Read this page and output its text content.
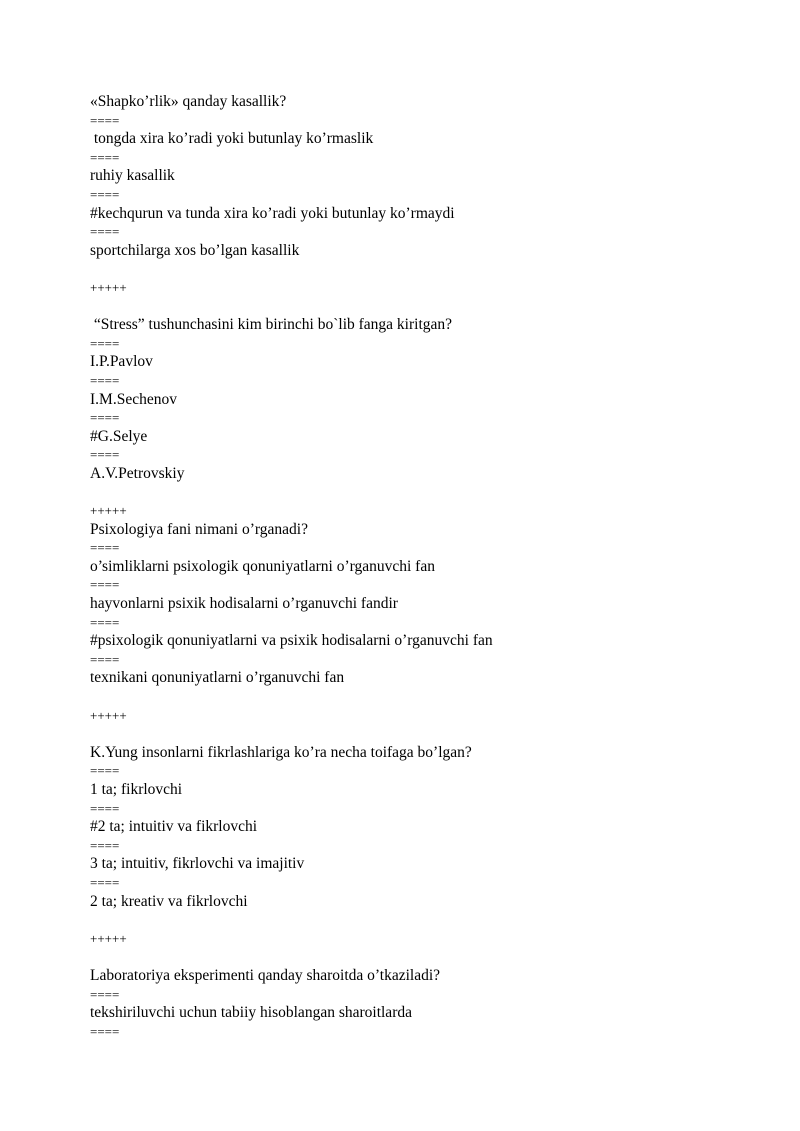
«Shapko’rlik» qanday kasallik?
====
tongda xira ko’radi yoki butunlay ko’rmaslik
====
ruhiy kasallik
====
#kechqurun va tunda xira ko’radi yoki butunlay ko’rmaydi
====
sportchilarga xos bo’lgan kasallik
+++++
“Stress” tushunchasini kim birinchi bo`lib fanga kiritgan?
====
I.P.Pavlov
====
I.M.Sechenov
====
#G.Selye
====
A.V.Petrovskiy
+++++
Psixologiya fani nimani o’rganadi?
====
o’simliklarni psixologik qonuniyatlarni o’rganuvchi fan
====
hayvonlarni psixik hodisalarni o’rganuvchi fandir
====
#psixologik qonuniyatlarni va psixik hodisalarni o’rganuvchi fan
====
texnikani qonuniyatlarni o’rganuvchi fan
+++++
K.Yung insonlarni fikrlashlariga ko’ra necha toifaga bo’lgan?
====
1 ta; fikrlovchi
====
#2 ta; intuitiv va fikrlovchi
====
3 ta; intuitiv, fikrlovchi va imajitiv
====
2 ta; kreativ va fikrlovchi
+++++
Laboratoriya eksperimenti qanday sharoitda o’tkaziladi?
====
tekshiriluvchi uchun tabiiy hisoblangan sharoitlarda
====
